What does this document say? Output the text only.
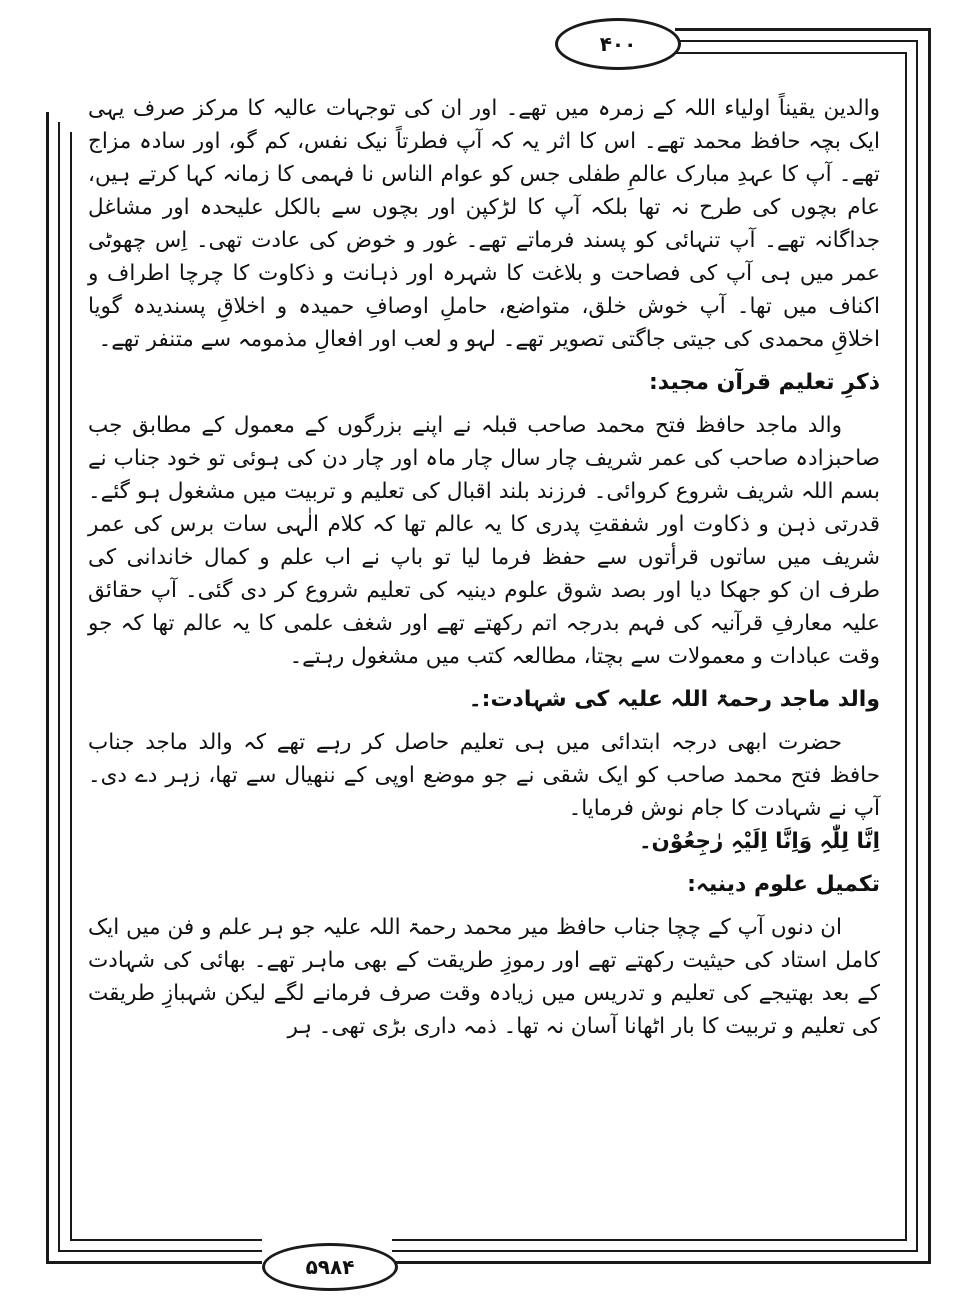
۴۰۰
۵۹۸۴

والدین یقیناً اولیاء اللہ کے زمرہ میں تھے۔ اور ان کی توجہات عالیہ کا مرکز صرف یہی ایک بچہ حافظ محمد تھے۔ اس کا اثر یہ کہ آپ فطرتاً نیک نفس، کم گو، اور سادہ مزاج تھے۔ آپ کا عہدِ مبارک عالمِ طفلی جس کو عوام الناس نا فہمی کا زمانہ کہا کرتے ہیں، عام بچوں کی طرح نہ تھا بلکہ آپ کا لڑکپن اور بچوں سے بالکل علیحدہ اور مشاغل جداگانہ تھے۔ آپ تنہائی کو پسند فرماتے تھے۔ غور و خوض کی عادت تھی۔ اِس چھوٹی عمر میں ہی آپ کی فصاحت و بلاغت کا شہرہ اور ذہانت و ذکاوت کا چرچا اطراف و اکناف میں تھا۔ آپ خوش خلق، متواضع، حاملِ اوصافِ حمیدہ و اخلاقِ پسندیدہ گویا اخلاقِ محمدی کی جیتی جاگتی تصویر تھے۔ لہو و لعب اور افعالِ مذمومہ سے متنفر تھے۔

ذکرِ تعلیم قرآن مجید:

والد ماجد حافظ فتح محمد صاحب قبلہ نے اپنے بزرگوں کے معمول کے مطابق جب صاحبزادہ صاحب کی عمر شریف چار سال چار ماہ اور چار دن کی ہوئی تو خود جناب نے بسم اللہ شریف شروع کروائی۔ فرزند بلند اقبال کی تعلیم و تربیت میں مشغول ہو گئے۔ قدرتی ذہن و ذکاوت اور شفقتِ پدری کا یہ عالم تھا کہ کلام الٰہی سات برس کی عمر شریف میں ساتوں قرأتوں سے حفظ فرما لیا تو باپ نے اب علم و کمال خاندانی کی طرف ان کو جھکا دیا اور بصد شوق علوم دینیہ کی تعلیم شروع کر دی گئی۔ آپ حقائق علیہ معارفِ قرآنیہ کی فہم بدرجہ اتم رکھتے تھے اور شغف علمی کا یہ عالم تھا کہ جو وقت عبادات و معمولات سے بچتا، مطالعہ کتب میں مشغول رہتے۔

والد ماجد رحمۃ اللہ علیہ کی شہادت:۔

حضرت ابھی درجہ ابتدائی میں ہی تعلیم حاصل کر رہے تھے کہ والد ماجد جناب حافظ فتح محمد صاحب کو ایک شقی نے جو موضع اوپی کے ننھیال سے تھا، زہر دے دی۔ آپ نے شہادت کا جام نوش فرمایا۔

اِنَّا لِلّٰہِ وَاِنَّا اِلَیْہِ رٰجِعُوْن۔

تکمیل علوم دینیہ:

ان دنوں آپ کے چچا جناب حافظ میر محمد رحمۃ اللہ علیہ جو ہر علم و فن میں ایک کامل استاد کی حیثیت رکھتے تھے اور رموزِ طریقت کے بھی ماہر تھے۔ بھائی کی شہادت کے بعد بھتیجے کی تعلیم و تدریس میں زیادہ وقت صرف فرمانے لگے لیکن شہبازِ طریقت کی تعلیم و تربیت کا بار اٹھانا آسان نہ تھا۔ ذمہ داری بڑی تھی۔ ہر
